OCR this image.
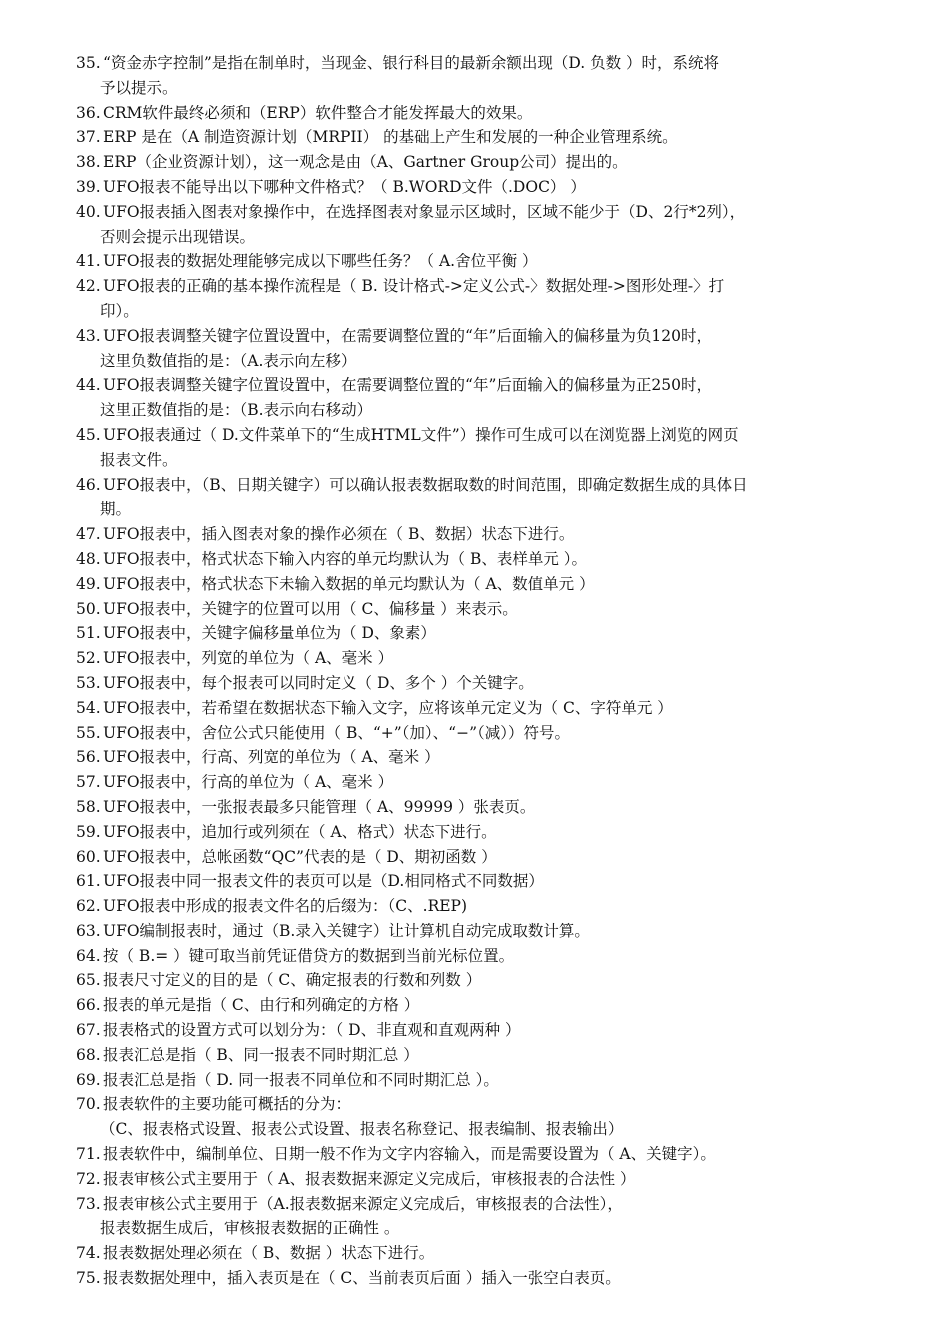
35. “资金赤字控制”是指在制单时，当现金、银行科目的最新余额出现（D. 负数 ）时，系统将
予以提示。
36. CRM软件最终必须和（ERP）软件整合才能发挥最大的效果。
37. ERP 是在（A 制造资源计划（MRPII） 的基础上产生和发展的一种企业管理系统。
38. ERP（企业资源计划），这一观念是由（A、Gartner Group公司）提出的。
39. UFO报表不能导出以下哪种文件格式？（ B.WORD文件（.DOC） ）
40. UFO报表插入图表对象操作中，在选择图表对象显示区域时，区域不能少于（D、2行*2列），
否则会提示出现错误。
41. UFO报表的数据处理能够完成以下哪些任务？（ A.舍位平衡 ）
42. UFO报表的正确的基本操作流程是（ B. 设计格式->定义公式-〉数据处理->图形处理-〉打
印）。
43. UFO报表调整关键字位置设置中，在需要调整位置的“年”后面输入的偏移量为负120时，
这里负数值指的是：（A.表示向左移）
44. UFO报表调整关键字位置设置中，在需要调整位置的“年”后面输入的偏移量为正250时，
这里正数值指的是：（B.表示向右移动）
45. UFO报表通过（ D.文件菜单下的“生成HTML文件”）操作可生成可以在浏览器上浏览的网页
报表文件。
46. UFO报表中，（B、日期关键字）可以确认报表数据取数的时间范围，即确定数据生成的具体日
期。
47. UFO报表中，插入图表对象的操作必须在（ B、数据）状态下进行。
48. UFO报表中，格式状态下输入内容的单元均默认为（ B、表样单元 ）。
49. UFO报表中，格式状态下未输入数据的单元均默认为（ A、数值单元 ）
50. UFO报表中，关键字的位置可以用（ C、偏移量 ）来表示。
51. UFO报表中，关键字偏移量单位为（ D、象素）
52. UFO报表中，列宽的单位为（ A、毫米 ）
53. UFO报表中，每个报表可以同时定义（ D、多个 ）个关键字。
54. UFO报表中，若希望在数据状态下输入文字，应将该单元定义为（ C、字符单元 ）
55. UFO报表中，舍位公式只能使用（ B、“+”（加）、“−”（减））符号。
56. UFO报表中，行高、列宽的单位为（ A、毫米 ）
57. UFO报表中，行高的单位为（ A、毫米 ）
58. UFO报表中，一张报表最多只能管理（ A、99999 ）张表页。
59. UFO报表中，追加行或列须在（ A、格式）状态下进行。
60. UFO报表中，总帐函数“QC”代表的是（ D、期初函数 ）
61. UFO报表中同一报表文件的表页可以是（D.相同格式不同数据）
62. UFO报表中形成的报表文件名的后缀为：（C、.REP)
63. UFO编制报表时，通过（B.录入关键字）让计算机自动完成取数计算。
64. 按（ B.= ）键可取当前凭证借贷方的数据到当前光标位置。
65. 报表尺寸定义的目的是（ C、确定报表的行数和列数 ）
66. 报表的单元是指（ C、由行和列确定的方格 ）
67. 报表格式的设置方式可以划分为：（ D、非直观和直观两种 ）
68. 报表汇总是指（ B、同一报表不同时期汇总 ）
69. 报表汇总是指（ D. 同一报表不同单位和不同时期汇总 ）。
70. 报表软件的主要功能可概括的分为：
（C、报表格式设置、报表公式设置、报表名称登记、报表编制、报表输出）
71. 报表软件中，编制单位、日期一般不作为文字内容输入，而是需要设置为（ A、关键字）。
72. 报表审核公式主要用于（ A、报表数据来源定义完成后，审核报表的合法性 ）
73. 报表审核公式主要用于（A.报表数据来源定义完成后，审核报表的合法性），
报表数据生成后，审核报表数据的正确性 。
74. 报表数据处理必须在（ B、数据 ）状态下进行。
75. 报表数据处理中，插入表页是在（ C、当前表页后面 ）插入一张空白表页。
